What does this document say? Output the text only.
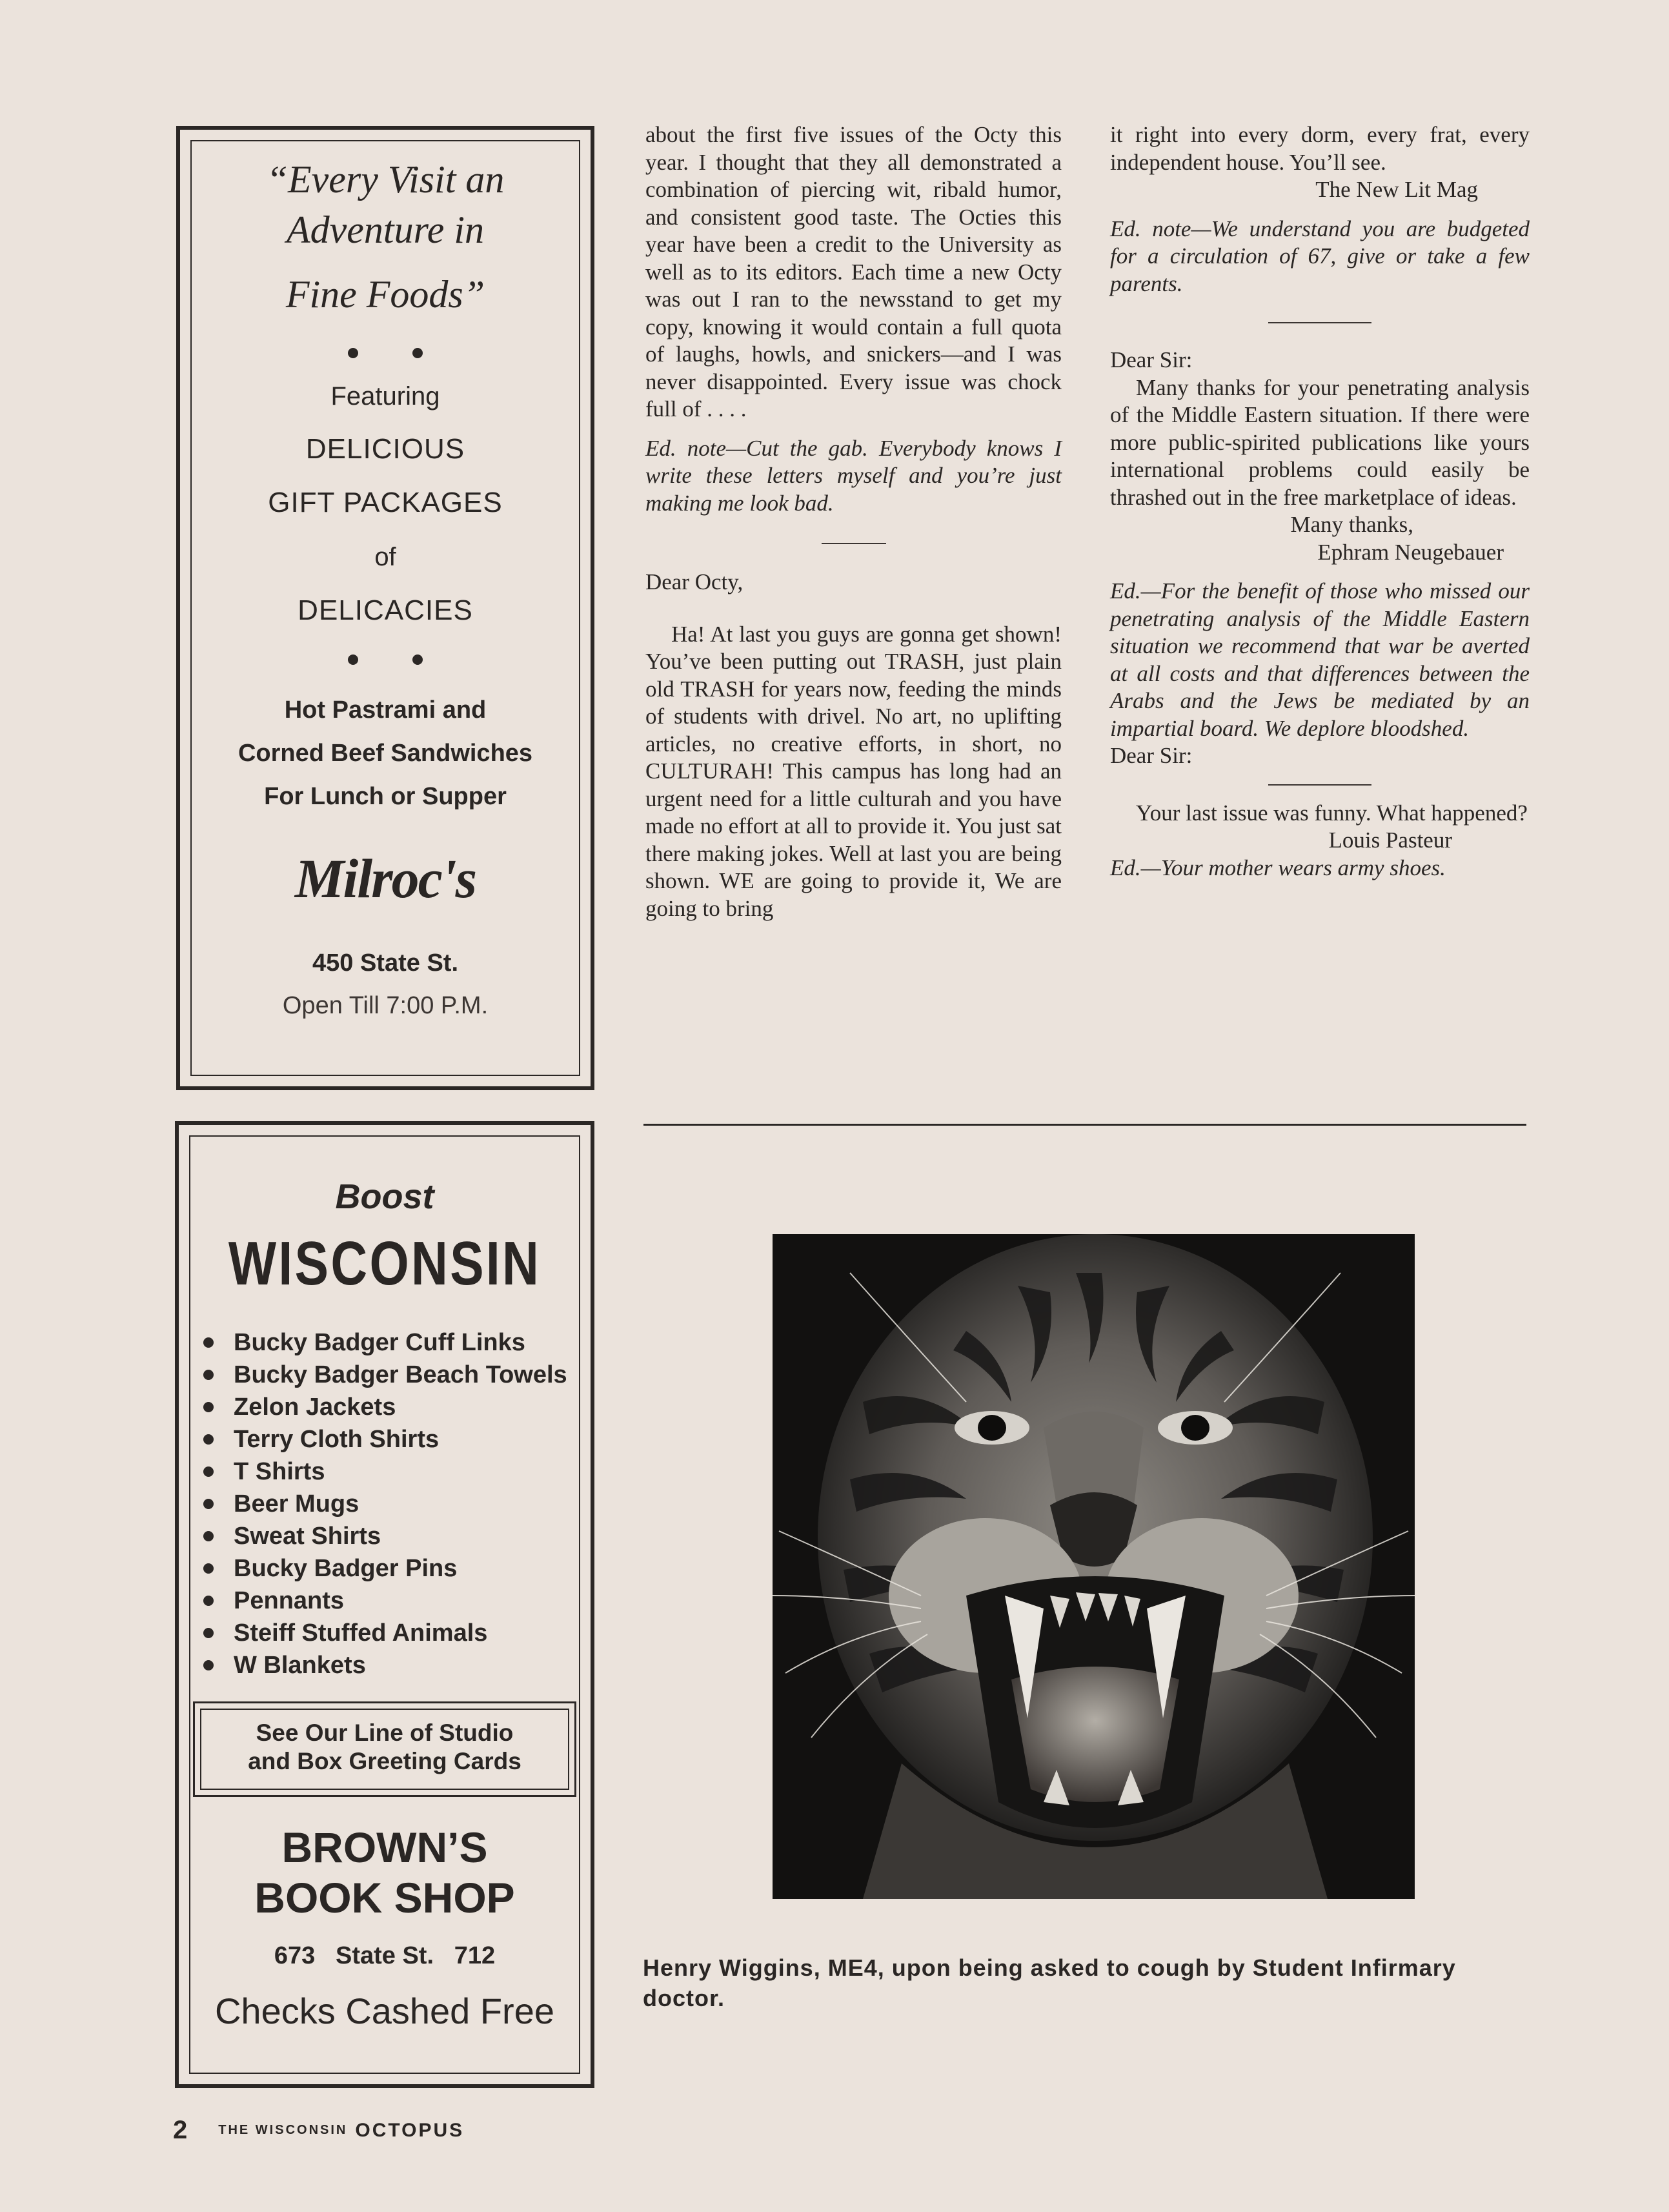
“Every Visit an
Adventure in
Fine Foods”
Featuring
DELICIOUS
GIFT PACKAGES
of
DELICACIES
Hot Pastrami and
Corned Beef Sandwiches
For Lunch or Supper
Milroc's
450 State St.
Open Till 7:00 P.M.

about the first five issues of the Octy this year. I thought that they all demonstrated a combination of piercing wit, ribald humor, and consistent good taste. The Octies this year have been a credit to the University as well as to its editors. Each time a new Octy was out I ran to the newsstand to get my copy, knowing it would contain a full quota of laughs, howls, and snickers—and I was never disappointed. Every issue was chock full of . . . .

Ed. note—Cut the gab. Everybody knows I write these letters myself and you’re just making me look bad.

Dear Octy,

Ha! At last you guys are gonna get shown! You’ve been putting out TRASH, just plain old TRASH for years now, feeding the minds of students with drivel. No art, no uplifting articles, no creative efforts, in short, no CULTURAH! This campus has long had an urgent need for a little culturah and you have made no effort at all to provide it. You just sat there making jokes. Well at last you are being shown. WE are going to provide it, We are going to bring

it right into every dorm, every frat, every independent house. You’ll see.

The New Lit Mag

Ed. note—We understand you are budgeted for a circulation of 67, give or take a few parents.

Dear Sir:

Many thanks for your penetrating analysis of the Middle Eastern situation. If there were more public-spirited publications like yours international problems could easily be thrashed out in the free marketplace of ideas.

Many thanks,

Ephram Neugebauer

Ed.—For the benefit of those who missed our penetrating analysis of the Middle Eastern situation we recommend that war be averted at all costs and that differences between the Arabs and the Jews be mediated by an impartial board. We deplore bloodshed.

Dear Sir:

Your last issue was funny. What happened?

Louis Pasteur

Ed.—Your mother wears army shoes.

Boost
WISCONSIN
Bucky Badger Cuff Links
Bucky Badger Beach Towels
Zelon Jackets
Terry Cloth Shirts
T Shirts
Beer Mugs
Sweat Shirts
Bucky Badger Pins
Pennants
Steiff Stuffed Animals
W Blankets
See Our Line of Studio
and Box Greeting Cards
BROWN’S
BOOK SHOP
673   State St.   712
Checks Cashed Free
Henry Wiggins, ME4, upon being asked to cough by Student Infirmary doctor.
2 THE WISCONSIN OCTOPUS
